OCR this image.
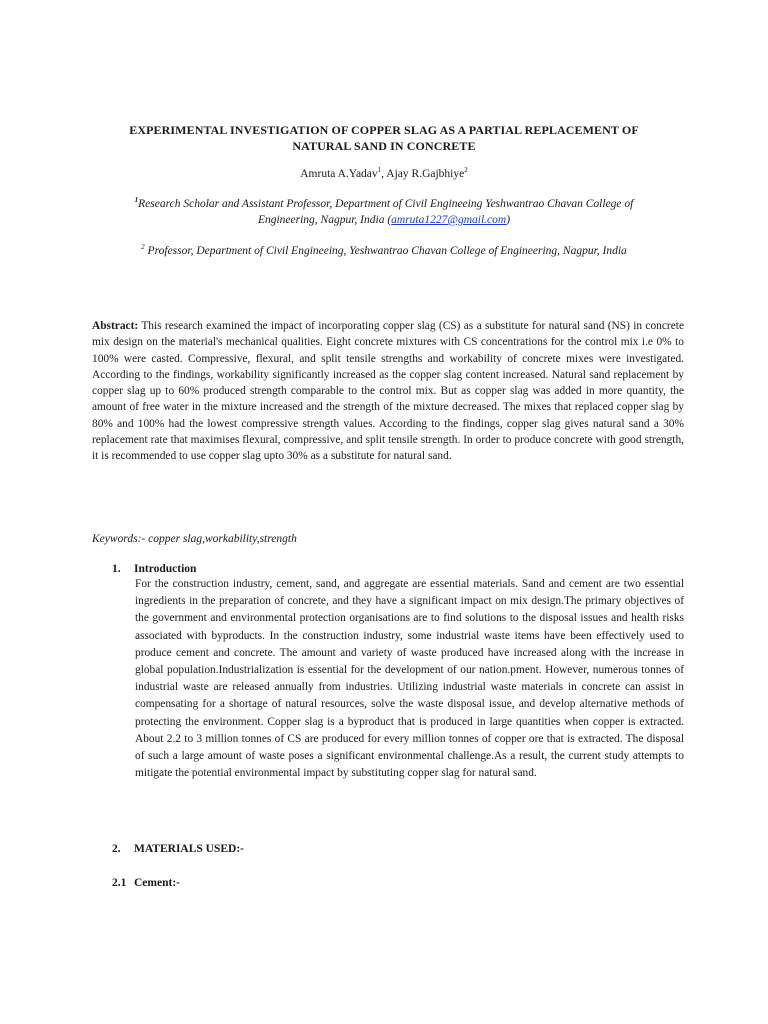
EXPERIMENTAL INVESTIGATION OF COPPER SLAG AS A PARTIAL REPLACEMENT OF
NATURAL SAND IN CONCRETE
Amruta A.Yadav$^1$, Ajay R.Gajbhiye$^2$
$^1$Research Scholar and Assistant Professor, Department of Civil Engineeing Yeshwantrao Chavan College of
Engineering, Nagpur, India (amruta1227@gmail.com)
$^2$ Professor, Department of Civil Engineeing, Yeshwantrao Chavan College of Engineering, Nagpur, India
Abstract: This research examined the impact of incorporating copper slag (CS) as a substitute for natural sand (NS) in concrete mix design on the material's mechanical qualities. Eight concrete mixtures with CS concentrations for the control mix i.e 0% to 100% were casted. Compressive, flexural, and split tensile strengths and workability of concrete mixes were investigated. According to the findings, workability significantly increased as the copper slag content increased. Natural sand replacement by copper slag up to 60% produced strength comparable to the control mix. But as copper slag was added in more quantity, the amount of free water in the mixture increased and the strength of the mixture decreased. The mixes that replaced copper slag by 80% and 100% had the lowest compressive strength values. According to the findings, copper slag gives natural sand a 30% replacement rate that maximises flexural, compressive, and split tensile strength. In order to produce concrete with good strength, it is recommended to use copper slag upto 30% as a substitute for natural sand.
Keywords:- copper slag,workability,strength
1. Introduction
For the construction industry, cement, sand, and aggregate are essential materials. Sand and cement are two essential ingredients in the preparation of concrete, and they have a significant impact on mix design.The primary objectives of the government and environmental protection organisations are to find solutions to the disposal issues and health risks associated with byproducts. In the construction industry, some industrial waste items have been effectively used to produce cement and concrete. The amount and variety of waste produced have increased along with the increase in global population.Industrialization is essential for the development of our nation.pment. However, numerous tonnes of industrial waste are released annually from industries. Utilizing industrial waste materials in concrete can assist in compensating for a shortage of natural resources, solve the waste disposal issue, and develop alternative methods of protecting the environment. Copper slag is a byproduct that is produced in large quantities when copper is extracted. About 2.2 to 3 million tonnes of CS are produced for every million tonnes of copper ore that is extracted. The disposal of such a large amount of waste poses a significant environmental challenge.As a result, the current study attempts to mitigate the potential environmental impact by substituting copper slag for natural sand.
2. MATERIALS USED:-
2.1 Cement:-
